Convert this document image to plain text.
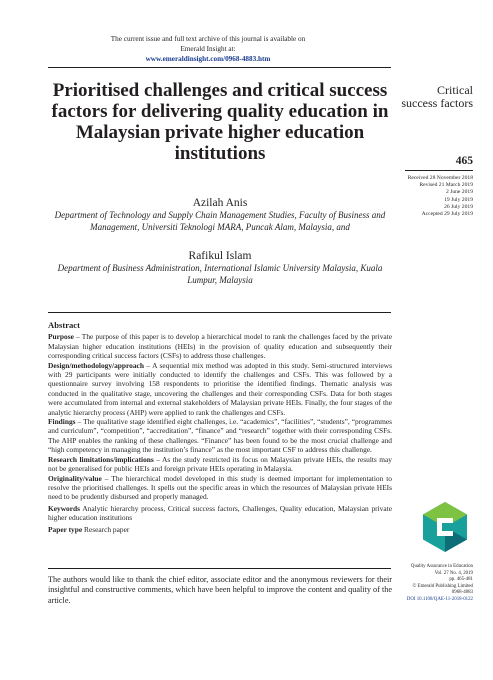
The current issue and full text archive of this journal is available on Emerald Insight at:
www.emeraldinsight.com/0968-4883.htm
Prioritised challenges and critical success factors for delivering quality education in Malaysian private higher education institutions
Azilah Anis
Department of Technology and Supply Chain Management Studies, Faculty of Business and Management, Universiti Teknologi MARA, Puncak Alam, Malaysia, and
Rafikul Islam
Department of Business Administration, International Islamic University Malaysia, Kuala Lumpur, Malaysia
Abstract

Purpose – The purpose of this paper is to develop a hierarchical model to rank the challenges faced by the private Malaysian higher education institutions (HEIs) in the provision of quality education and subsequently their corresponding critical success factors (CSFs) to address those challenges.

Design/methodology/approach – A sequential mix method was adopted in this study. Semi-structured interviews with 29 participants were initially conducted to identify the challenges and CSFs. This was followed by a questionnaire survey involving 158 respondents to prioritise the identified findings. Thematic analysis was conducted in the qualitative stage, uncovering the challenges and their corresponding CSFs. Data for both stages were accumulated from internal and external stakeholders of Malaysian private HEIs. Finally, the four stages of the analytic hierarchy process (AHP) were applied to rank the challenges and CSFs.

Findings – The qualitative stage identified eight challenges, i.e. “academics”, “facilities”, “students”, “programmes and curriculum”, “competition”, “accreditation”, “finance” and “research” together with their corresponding CSFs. The AHP enables the ranking of these challenges. “Finance” has been found to be the most crucial challenge and “high competency in managing the institution’s finance” as the most important CSF to address this challenge.

Research limitations/implications – As the study restricted its focus on Malaysian private HEIs, the results may not be generalised for public HEIs and foreign private HEIs operating in Malaysia.

Originality/value – The hierarchical model developed in this study is deemed important for implementation to resolve the prioritised challenges. It spells out the specific areas in which the resources of Malaysian private HEIs need to be prudently disbursed and properly managed.

Keywords Analytic hierarchy process, Critical success factors, Challenges, Quality education, Malaysian private higher education institutions

Paper type Research paper

The authors would like to thank the chief editor, associate editor and the anonymous reviewers for their insightful and constructive comments, which have been helpful to improve the content and quality of the article.
Critical
success factors
465
Received 28 November 2018
Revised 21 March 2019
2 June 2019
19 July 2019
26 July 2019
Accepted 29 July 2019
Quality Assurance in Education
Vol. 27 No. 4, 2019
pp. 465-481
© Emerald Publishing Limited
0968-4883
DOI 10.1108/QAE-11-2018-0122
